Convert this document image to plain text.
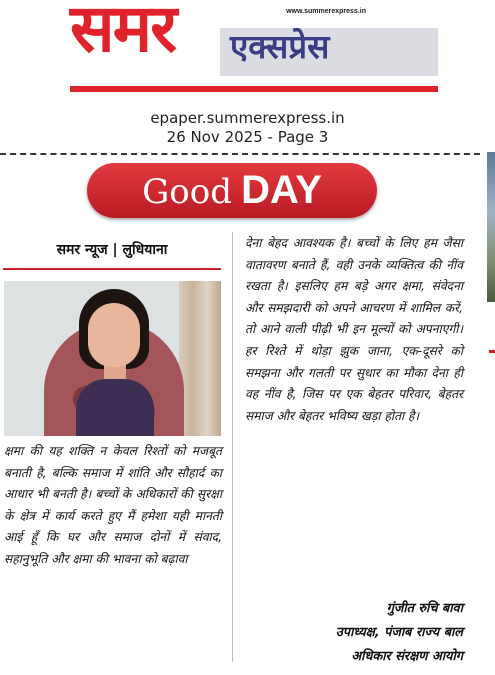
समर एक्सप्रेस
www.summerexpress.in
epaper.summerexpress.in
26 Nov 2025 - Page 3
Good DAY
समर न्यूज | लुधियाना

क्षमा की यह शक्ति न केवल रिश्तों को मजबूत बनाती है, बल्कि समाज में शांति और सौहार्द का आधार भी बनती है। बच्चों के अधिकारों की सुरक्षा के क्षेत्र में कार्य करते हुए मैं हमेशा यही मानती आई हूँ कि घर और समाज दोनों में संवाद, सहानुभूति और क्षमा की भावना को बढ़ावा

देना बेहद आवश्यक है। बच्चों के लिए हम जैसा वातावरण बनाते हैं, वही उनके व्यक्तित्व की नींव रखता है। इसलिए हम बड़े अगर क्षमा, संवेदना और समझदारी को अपने आचरण में शामिल करें, तो आने वाली पीढ़ी भी इन मूल्यों को अपनाएगी। हर रिश्ते में थोड़ा झुक जाना, एक-दूसरे को समझना और गलती पर सुधार का मौका देना ही वह नींव है, जिस पर एक बेहतर परिवार, बेहतर समाज और बेहतर भविष्य खड़ा होता है।

गुंजीत रुचि बावा
उपाध्यक्ष, पंजाब राज्य बाल
अधिकार संरक्षण आयोग
